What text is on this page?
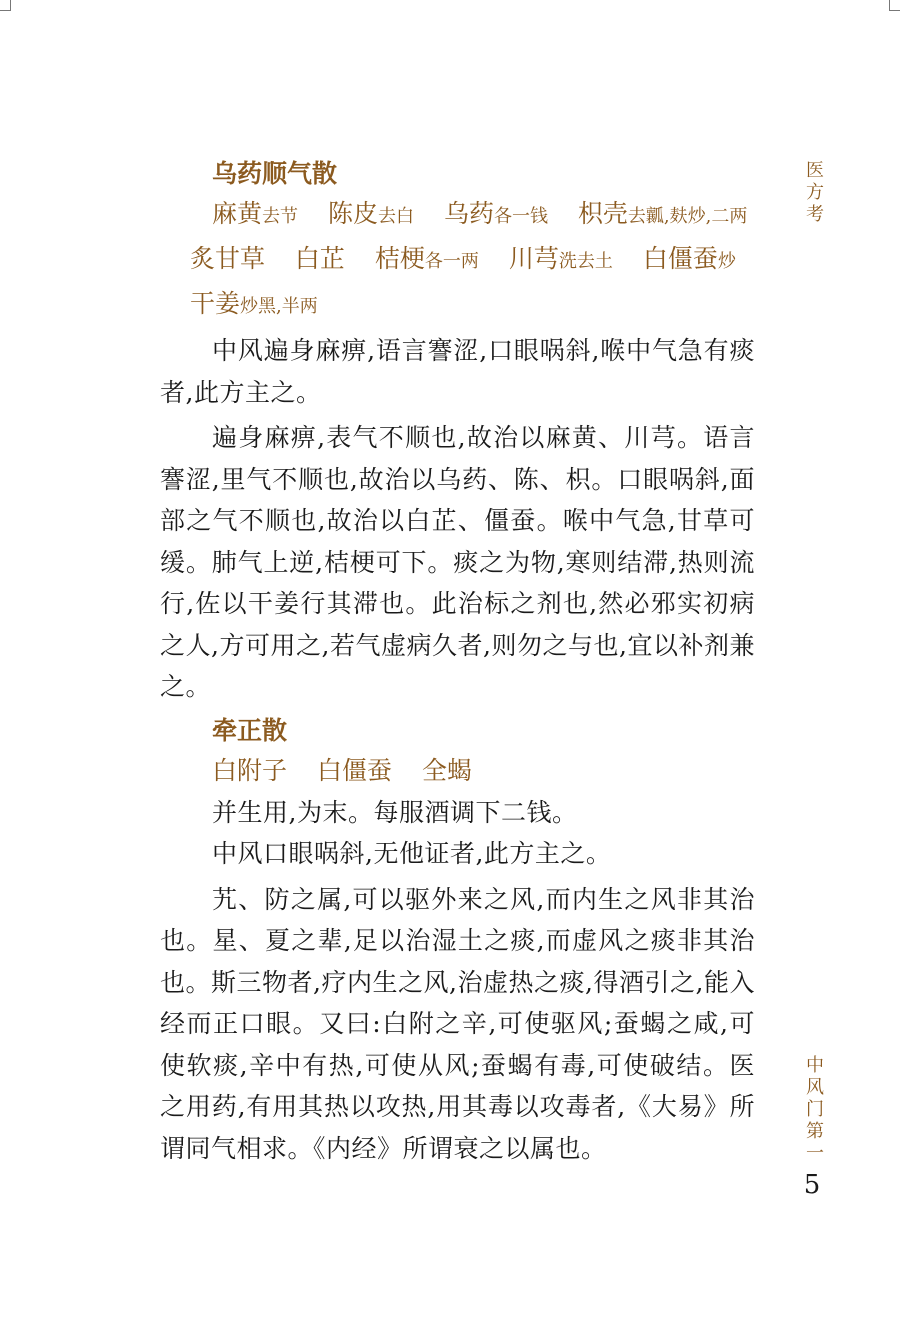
乌药顺气散

麻黄去节 陈皮去白 乌药各一钱 枳壳去瓤,麸炒,二两 炙甘草 白芷 桔梗各一两 川芎洗去土 白僵蚕炒 干姜炒黑,半两

中风遍身麻痹,语言謇涩,口眼㖞斜,喉中气急有痰者,此方主之。

遍身麻痹,表气不顺也,故治以麻黄、川芎。语言謇涩,里气不顺也,故治以乌药、陈、枳。口眼㖞斜,面部之气不顺也,故治以白芷、僵蚕。喉中气急,甘草可缓。肺气上逆,桔梗可下。痰之为物,寒则结滞,热则流行,佐以干姜行其滞也。此治标之剂也,然必邪实初病之人,方可用之,若气虚病久者,则勿之与也,宜以补剂兼之。

牵正散

白附子 白僵蚕 全蝎

并生用,为末。每服酒调下二钱。

中风口眼㖞斜,无他证者,此方主之。

艽、防之属,可以驱外来之风,而内生之风非其治也。星、夏之辈,足以治湿土之痰,而虚风之痰非其治也。斯三物者,疗内生之风,治虚热之痰,得酒引之,能入经而正口眼。又曰:白附之辛,可使驱风;蚕蝎之咸,可使软痰,辛中有热,可使从风;蚕蝎有毒,可使破结。医之用药,有用其热以攻热,用其毒以攻毒者,《大易》所谓同气相求。《内经》所谓衰之以属也。

医
方
考
中
风
门
第
一
5
